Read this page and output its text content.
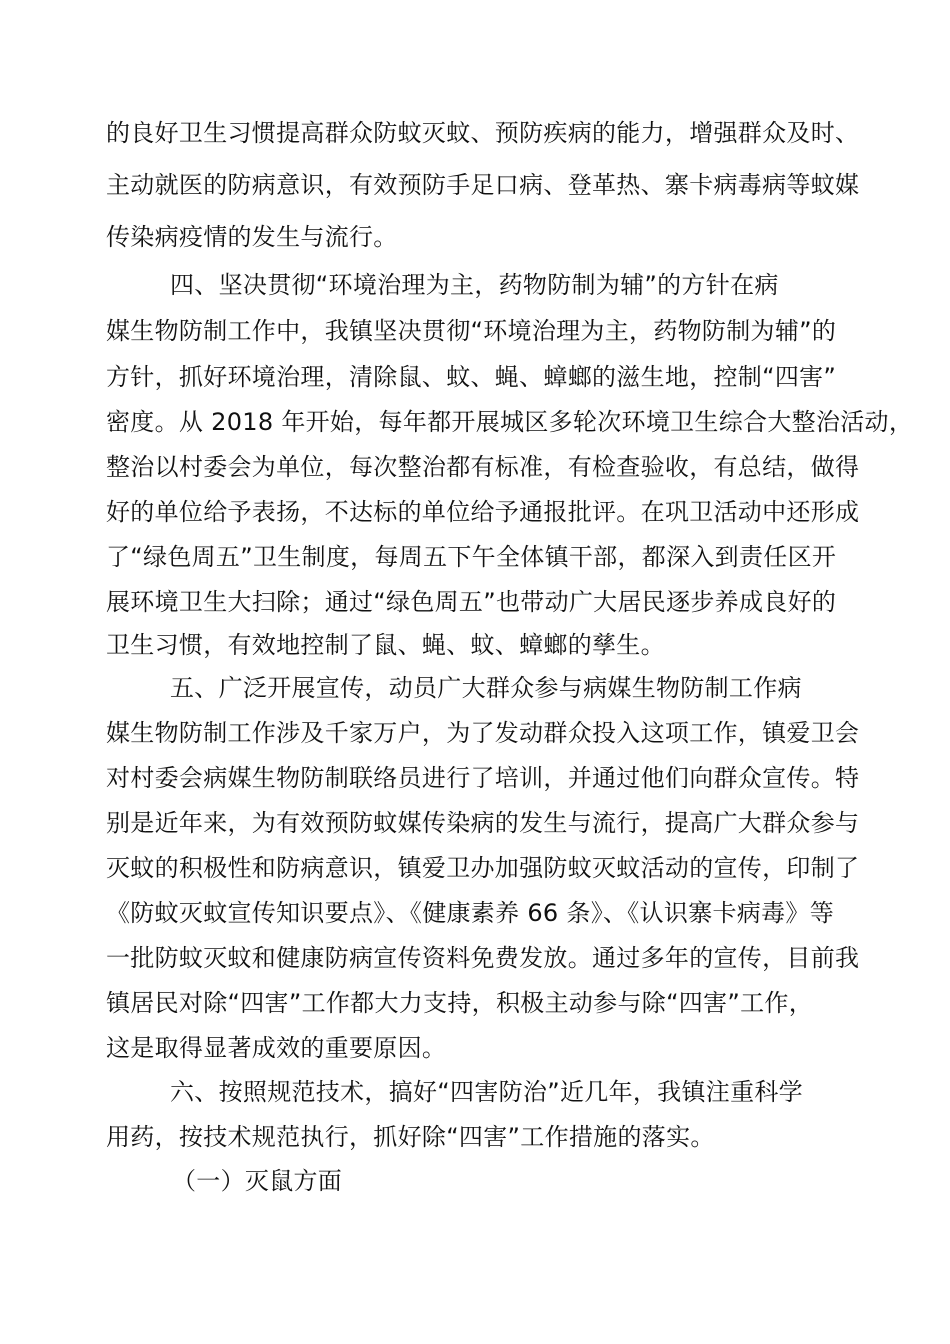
的良好卫生习惯提高群众防蚊灭蚊、预防疾病的能力，增强群众及时、
主动就医的防病意识，有效预防手足口病、登革热、寨卡病毒病等蚊媒
传染病疫情的发生与流行。
四、坚决贯彻“环境治理为主，药物防制为辅”的方针在病
媒生物防制工作中，我镇坚决贯彻“环境治理为主，药物防制为辅”的
方针，抓好环境治理，清除鼠、蚊、蝇、蟑螂的滋生地，控制“四害”
密度。从 2018 年开始，每年都开展城区多轮次环境卫生综合大整治活动，
整治以村委会为单位，每次整治都有标准，有检查验收，有总结，做得
好的单位给予表扬，不达标的单位给予通报批评。在巩卫活动中还形成
了“绿色周五”卫生制度，每周五下午全体镇干部，都深入到责任区开
展环境卫生大扫除；通过“绿色周五”也带动广大居民逐步养成良好的
卫生习惯，有效地控制了鼠、蝇、蚊、蟑螂的孳生。
五、广泛开展宣传，动员广大群众参与病媒生物防制工作病
媒生物防制工作涉及千家万户，为了发动群众投入这项工作，镇爱卫会
对村委会病媒生物防制联络员进行了培训，并通过他们向群众宣传。特
别是近年来，为有效预防蚊媒传染病的发生与流行，提高广大群众参与
灭蚊的积极性和防病意识，镇爱卫办加强防蚊灭蚊活动的宣传，印制了
《防蚊灭蚊宣传知识要点》、《健康素养 66 条》、《认识寨卡病毒》等
一批防蚊灭蚊和健康防病宣传资料免费发放。通过多年的宣传，目前我
镇居民对除“四害”工作都大力支持，积极主动参与除“四害”工作，
这是取得显著成效的重要原因。
六、按照规范技术，搞好“四害防治”近几年，我镇注重科学
用药，按技术规范执行，抓好除“四害”工作措施的落实。
（一）灭鼠方面
